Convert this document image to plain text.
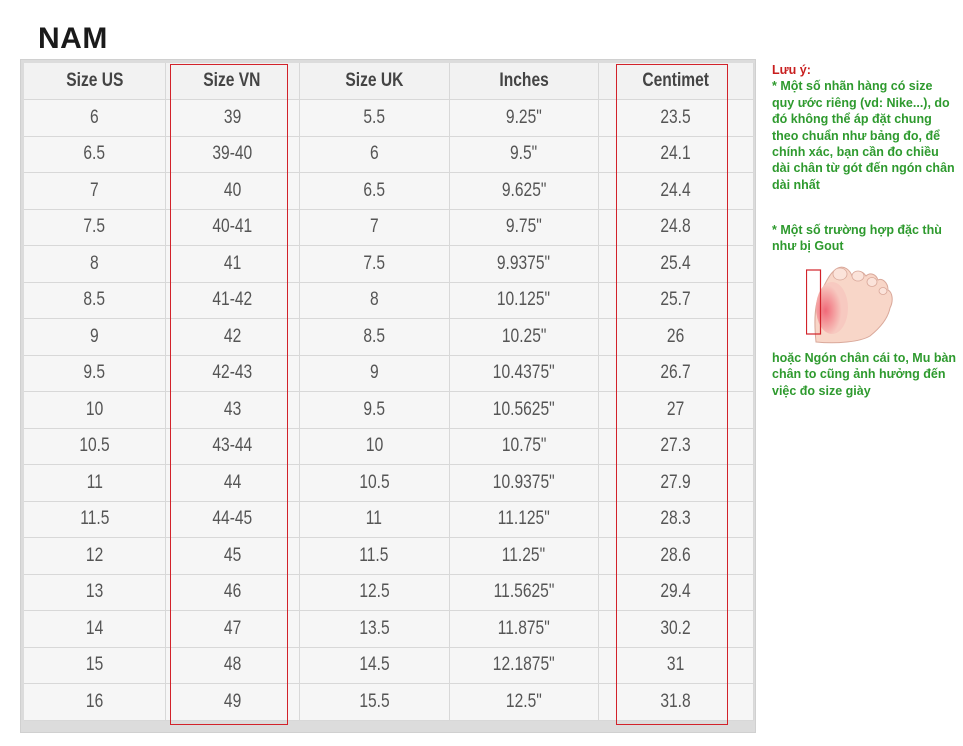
NAM
Size US	Size VN	Size UK	Inches	Centimet
6	39	5.5	9.25"	23.5
6.5	39-40	6	9.5"	24.1
7	40	6.5	9.625"	24.4
7.5	40-41	7	9.75"	24.8
8	41	7.5	9.9375"	25.4
8.5	41-42	8	10.125"	25.7
9	42	8.5	10.25"	26
9.5	42-43	9	10.4375"	26.7
10	43	9.5	10.5625"	27
10.5	43-44	10	10.75"	27.3
11	44	10.5	10.9375"	27.9
11.5	44-45	11	11.125"	28.3
12	45	11.5	11.25"	28.6
13	46	12.5	11.5625"	29.4
14	47	13.5	11.875"	30.2
15	48	14.5	12.1875"	31
16	49	15.5	12.5"	31.8
Lưu ý:
* Một số nhãn hàng có size quy ước riêng (vd: Nike...), do đó không thể áp đặt chung theo chuẩn như bảng đo, để chính xác, bạn cần đo chiều dài chân từ gót đến ngón chân dài nhất
* Một số trường hợp đặc thù như bị Gout
hoặc Ngón chân cái to, Mu bàn chân to cũng ảnh hưởng đến việc đo size giày
